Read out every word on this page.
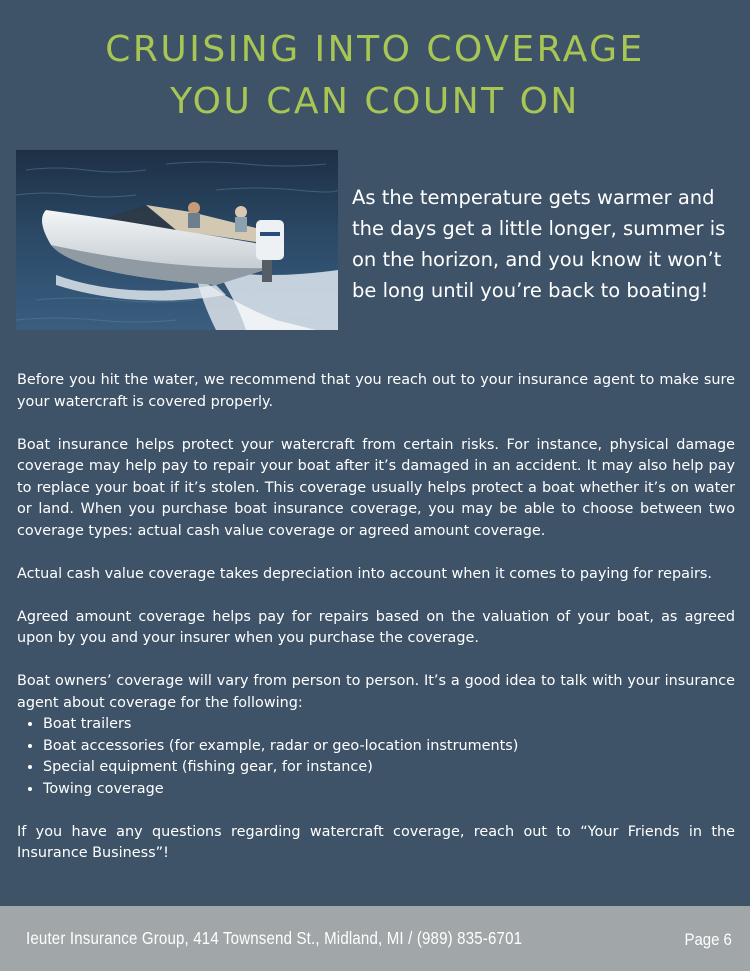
CRUISING INTO COVERAGE
YOU CAN COUNT ON
As the temperature gets warmer and the days get a little longer, summer is on the horizon, and you know it won’t be long until you’re back to boating!

Before you hit the water, we recommend that you reach out to your insurance agent to make sure your watercraft is covered properly.

Boat insurance helps protect your watercraft from certain risks. For instance, physical damage coverage may help pay to repair your boat after it’s damaged in an accident. It may also help pay to replace your boat if it’s stolen. This coverage usually helps protect a boat whether it’s on water or land. When you purchase boat insurance coverage, you may be able to choose between two coverage types: actual cash value coverage or agreed amount coverage.

Actual cash value coverage takes depreciation into account when it comes to paying for repairs.

Agreed amount coverage helps pay for repairs based on the valuation of your boat, as agreed upon by you and your insurer when you purchase the coverage.

Boat owners’ coverage will vary from person to person. It’s a good idea to talk with your insurance agent about coverage for the following:

• Boat trailers
• Boat accessories (for example, radar or geo-location instruments)
• Special equipment (fishing gear, for instance)
• Towing coverage

If you have any questions regarding watercraft coverage, reach out to “Your Friends in the Insurance Business”!

Ieuter Insurance Group, 414 Townsend St., Midland, MI / (989) 835-6701	Page 6
